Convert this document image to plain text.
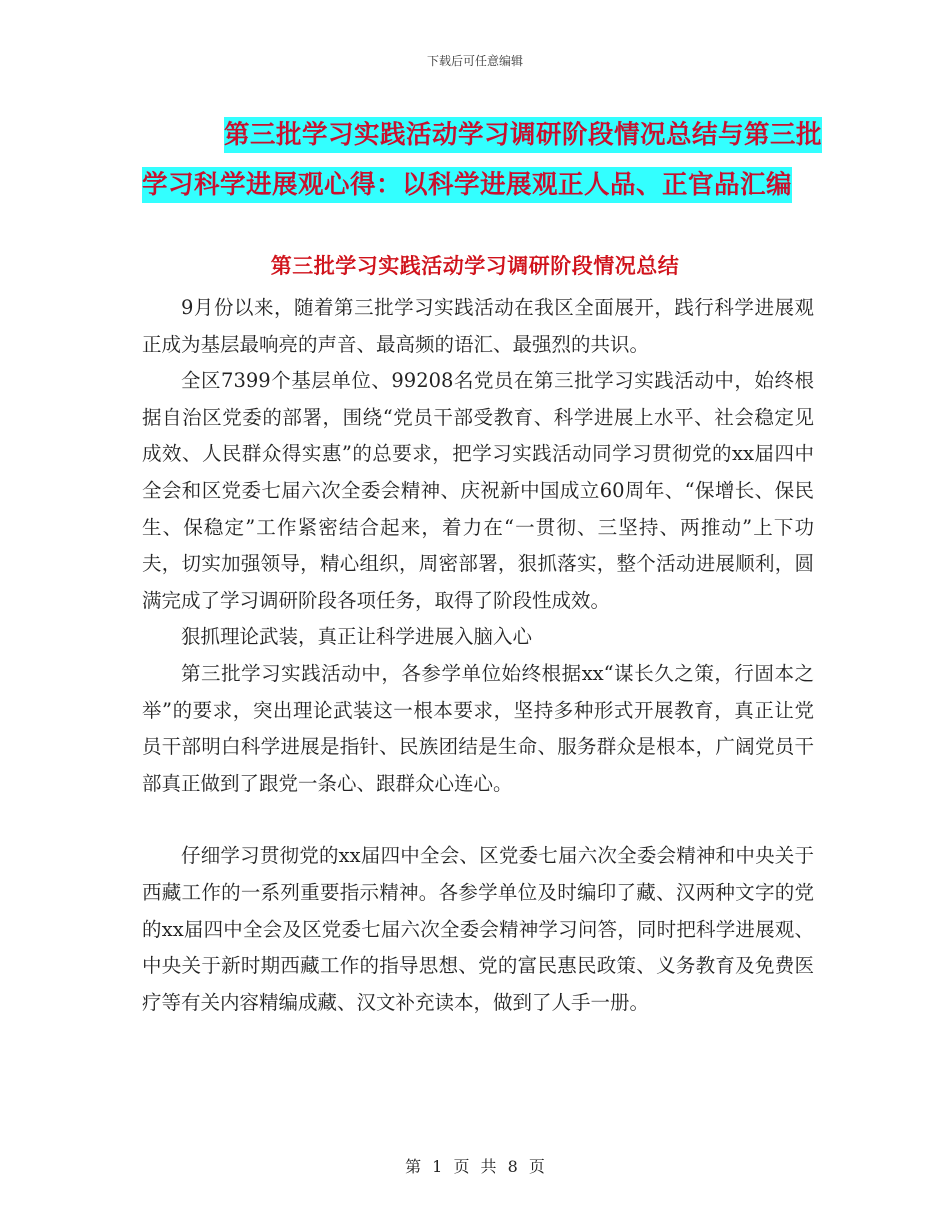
下载后可任意编辑
第三批学习实践活动学习调研阶段情况总结与第三批
学习科学进展观心得：以科学进展观正人品、正官品汇编
第三批学习实践活动学习调研阶段情况总结

9月份以来，随着第三批学习实践活动在我区全面展开，践行科学进展观正成为基层最响亮的声音、最高频的语汇、最强烈的共识。

全区7399个基层单位、99208名党员在第三批学习实践活动中，始终根据自治区党委的部署，围绕“党员干部受教育、科学进展上水平、社会稳定见成效、人民群众得实惠”的总要求，把学习实践活动同学习贯彻党的xx届四中全会和区党委七届六次全委会精神、庆祝新中国成立60周年、“保增长、保民生、保稳定”工作紧密结合起来，着力在“一贯彻、三坚持、两推动”上下功夫，切实加强领导，精心组织，周密部署，狠抓落实，整个活动进展顺利，圆满完成了学习调研阶段各项任务，取得了阶段性成效。

狠抓理论武装，真正让科学进展入脑入心

第三批学习实践活动中，各参学单位始终根据xx“谋长久之策，行固本之举”的要求，突出理论武装这一根本要求，坚持多种形式开展教育，真正让党员干部明白科学进展是指针、民族团结是生命、服务群众是根本，广阔党员干部真正做到了跟党一条心、跟群众心连心。

仔细学习贯彻党的xx届四中全会、区党委七届六次全委会精神和中央关于西藏工作的一系列重要指示精神。各参学单位及时编印了藏、汉两种文字的党的xx届四中全会及区党委七届六次全委会精神学习问答，同时把科学进展观、中央关于新时期西藏工作的指导思想、党的富民惠民政策、义务教育及免费医疗等有关内容精编成藏、汉文补充读本，做到了人手一册。

第 1 页 共 8 页
